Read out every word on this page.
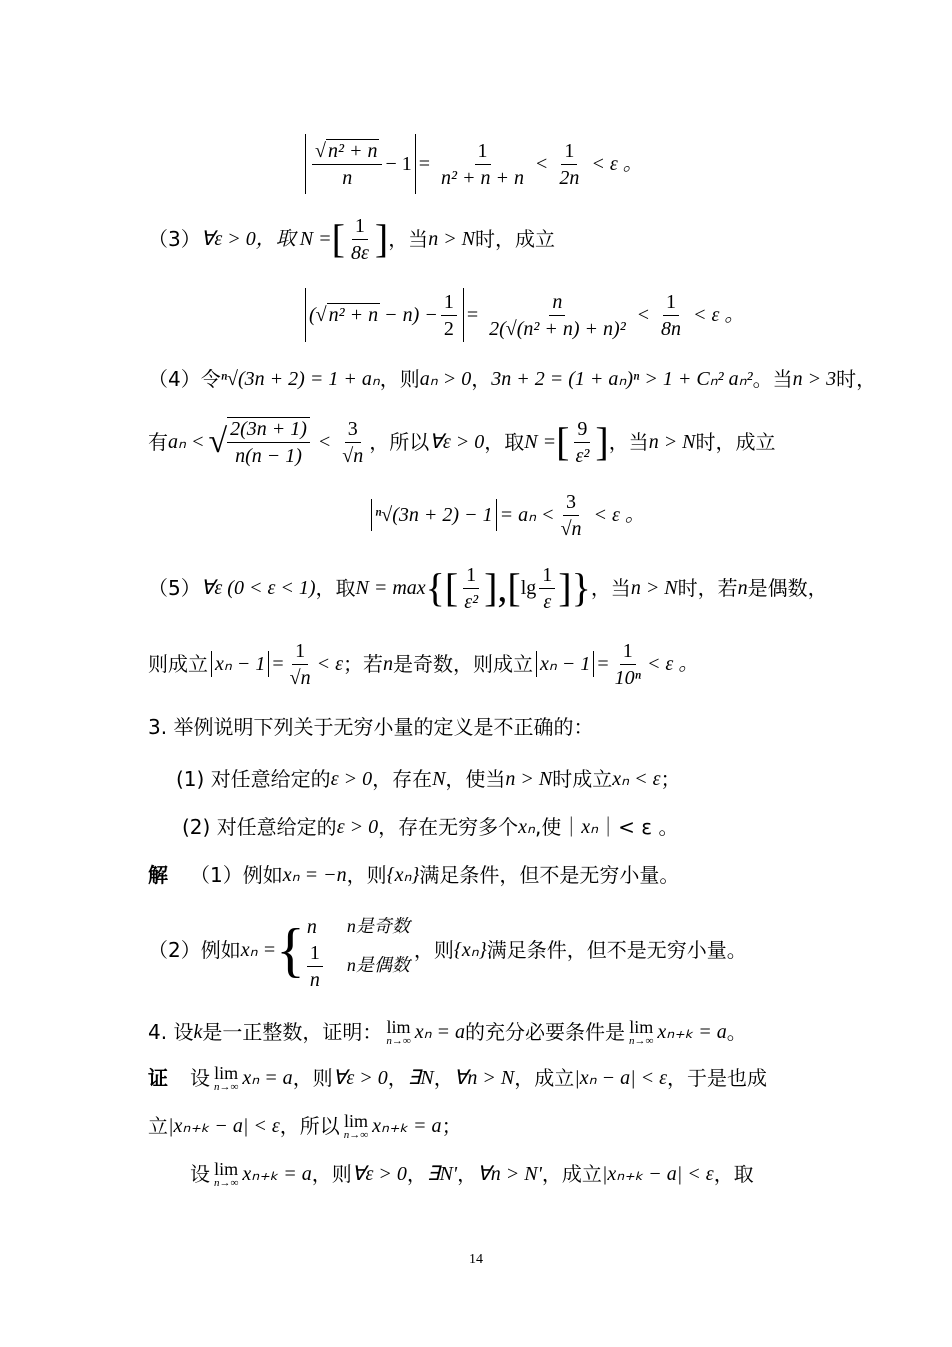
$\frac{\text{√ n² + n}}{n} - 1 = \frac{1}{\text{n² + n + n}} < \frac{1}{2n} < \varepsilon$ 。
（3） ∀ε > 0，取 N = [ $\frac{1}{8\varepsilon}$ ] ，当 n > N 时，成立
( √ $n^2 + n - n) - \frac{1}{2} = \frac{n}{\text{2(√(n² + n) + n)²}} < \frac{1}{8n} < \varepsilon$ 。
（4）令 ⁿ√(3n + 2) = 1 + aₙ ，则 aₙ > 0 ， 3n + 2 = (1 + aₙ)ⁿ > 1 + Cₙ² aₙ² 。当 n > 3 时，
有 aₙ < √ $\frac{2(3n + 1)}{n(n - 1)} < \frac{3}{√n}$ ，所以 ∀ε > 0 ，取 N = [ $\frac{9}{\text{ε²}}$ ] ，当 n > N 时，成立
$^n√(3n + 2) - 1 = a_n < \frac{3}{√n} < \varepsilon$ 。
（5） ∀ε (0 < ε < 1) ，取 N = max {[ $\frac{1}{\text{ε²}}$ ],[ $\lg \frac{1}{\varepsilon}$ ]} ，当 n > N 时，若 n 是偶数，
则成立 $x_n - 1 = \frac{1}{√n} < \varepsilon$ ；若 n 是奇数，则成立 $x_n - 1 = \frac{1}{\text{10ⁿ}} < \varepsilon$ 。
3. 举例说明下列关于无穷小量的定义是不正确的：
(1) 对任意给定的 ε > 0 ，存在 N ，使当 n > N 时成立 xₙ < ε ；
(2) 对任意给定的 ε > 0 ，存在无穷多个 xₙ ,使｜ xₙ ｜< ε 。
解 （1）例如 xₙ = −n ，则 {xₙ} 满足条件，但不是无穷小量。
（2）例如 xₙ = { n	n是奇数
$\frac{1}{n}$ n是偶数
，则 {xₙ} 满足条件，但不是无穷小量。
4. 设 k 是一正整数，证明： lim
n→∞ xₙ = a 的充分必要条件是 lim
n→∞ xₙ₊ₖ = a 。
证 设 lim
n→∞ xₙ = a ，则 ∀ε > 0 ， ∃N ， ∀n > N ，成立 |xₙ − a| < ε ，于是也成
立 |xₙ₊ₖ − a| < ε ，所以 lim
n→∞ xₙ₊ₖ = a ；
设 lim
n→∞ xₙ₊ₖ = a ，则 ∀ε > 0 ， ∃N' ， ∀n > N' ，成立 |xₙ₊ₖ − a| < ε ，取
14
